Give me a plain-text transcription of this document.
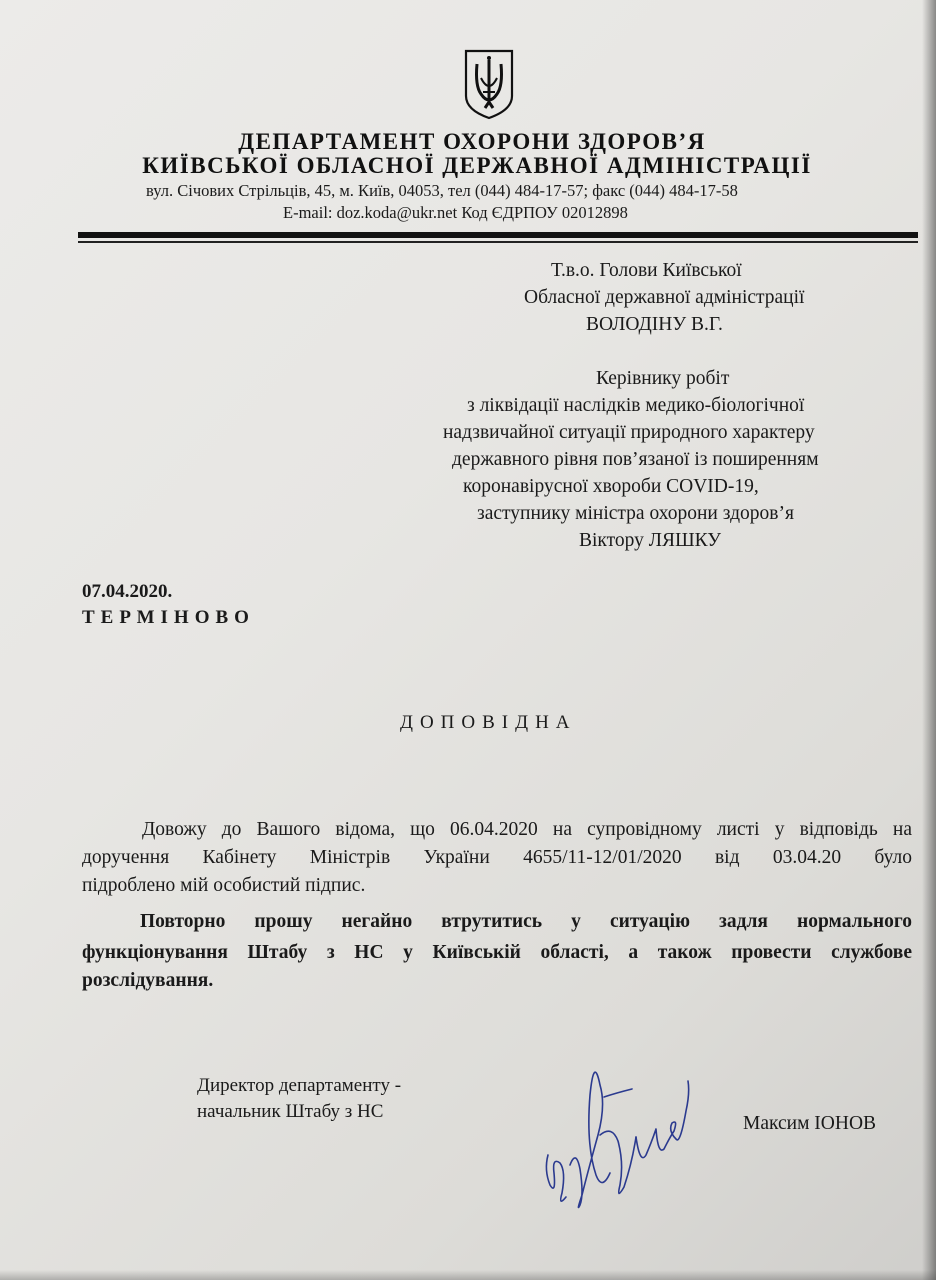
ДЕПАРТАМЕНТ ОХОРОНИ ЗДОРОВ’Я
КИЇВСЬКОЇ ОБЛАСНОЇ ДЕРЖАВНОЇ АДМІНІСТРАЦІЇ
вул. Січових Стрільців, 45, м. Київ, 04053, тел (044) 484-17-57; факс (044) 484-17-58
E-mail: doz.koda@ukr.net Код ЄДРПОУ 02012898
Т.в.о. Голови Київської
Обласної державної адміністрації
ВОЛОДІНУ В.Г.
Керівнику робіт
з ліквідації наслідків медико-біологічної
надзвичайної ситуації природного характеру
державного рівня пов’язаної із поширенням
коронавірусної хвороби COVID-19,
заступнику міністра охорони здоров’я
Віктору ЛЯШКУ
07.04.2020.
ТЕРМІНОВО
ДОПОВІДНА
Довожу до Вашого відома, що 06.04.2020 на супровідному листі у відповідь на
доручення Кабінету Міністрів України 4655/11-12/01/2020 від 03.04.20 було
підроблено мій особистий підпис.
Повторно прошу негайно втрутитись у ситуацію задля нормального
функціонування Штабу з НС у Київській області, а також провести службове
розслідування.
Директор департаменту -
начальник Штабу з НС
Максим ІОНОВ
